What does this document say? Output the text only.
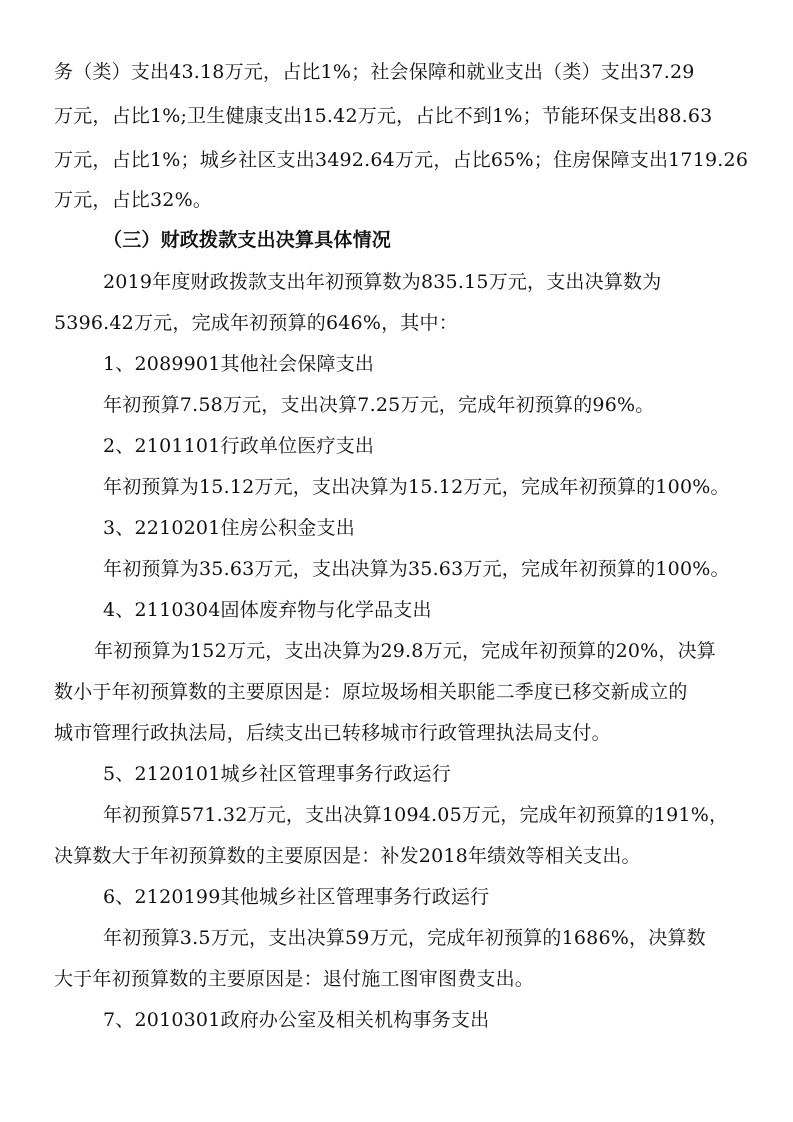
务（类）支出43.18万元，占比1%；社会保障和就业支出（类）支出37.29
万元，占比1%;卫生健康支出15.42万元，占比不到1%；节能环保支出88.63
万元，占比1%；城乡社区支出3492.64万元，占比65%；住房保障支出1719.26
万元，占比32%。
（三）财政拨款支出决算具体情况
2019年度财政拨款支出年初预算数为835.15万元，支出决算数为
5396.42万元，完成年初预算的646%，其中：
1、2089901其他社会保障支出
年初预算7.58万元，支出决算7.25万元，完成年初预算的96%。
2、2101101行政单位医疗支出
年初预算为15.12万元，支出决算为15.12万元，完成年初预算的100%。
3、2210201住房公积金支出
年初预算为35.63万元，支出决算为35.63万元，完成年初预算的100%。
4、2110304固体废弃物与化学品支出
年初预算为152万元，支出决算为29.8万元，完成年初预算的20%，决算
数小于年初预算数的主要原因是：原垃圾场相关职能二季度已移交新成立的
城市管理行政执法局，后续支出已转移城市行政管理执法局支付。
5、2120101城乡社区管理事务行政运行
年初预算571.32万元，支出决算1094.05万元，完成年初预算的191%，
决算数大于年初预算数的主要原因是：补发2018年绩效等相关支出。
6、2120199其他城乡社区管理事务行政运行
年初预算3.5万元，支出决算59万元，完成年初预算的1686%，决算数
大于年初预算数的主要原因是：退付施工图审图费支出。
7、2010301政府办公室及相关机构事务支出
